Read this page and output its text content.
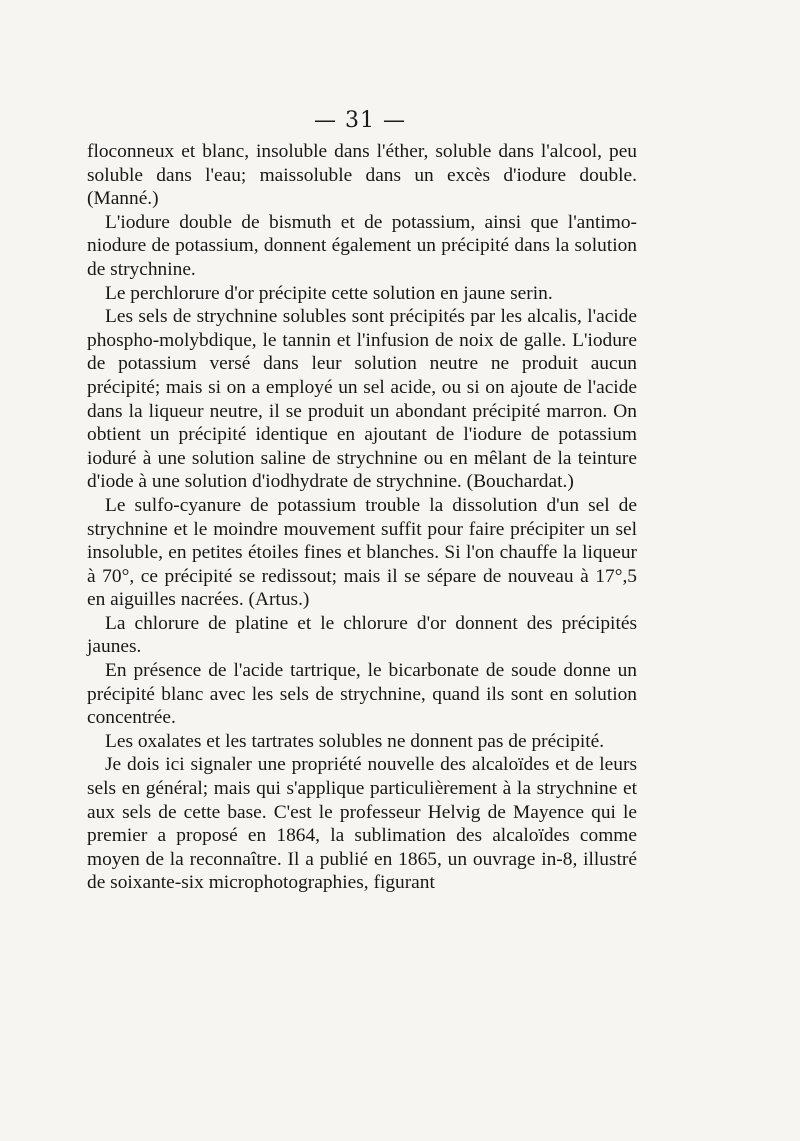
— 31 —

floconneux et blanc, insoluble dans l'éther, soluble dans l'alcool, peu soluble dans l'eau; maissoluble dans un excès d'iodure double. (Manné.)

L'iodure double de bismuth et de potassium, ainsi que l'antimo-niodure de potassium, donnent également un précipité dans la solution de strychnine.

Le perchlorure d'or précipite cette solution en jaune serin.

Les sels de strychnine solubles sont précipités par les alcalis, l'acide phospho-molybdique, le tannin et l'infusion de noix de galle. L'iodure de potassium versé dans leur solution neutre ne produit aucun précipité; mais si on a employé un sel acide, ou si on ajoute de l'acide dans la liqueur neutre, il se produit un abondant précipité marron. On obtient un précipité identique en ajoutant de l'iodure de potassium ioduré à une solution saline de strychnine ou en mêlant de la teinture d'iode à une solution d'iodhydrate de strychnine. (Bouchardat.)

Le sulfo-cyanure de potassium trouble la dissolution d'un sel de strychnine et le moindre mouvement suffit pour faire précipiter un sel insoluble, en petites étoiles fines et blanches. Si l'on chauffe la liqueur à 70°, ce précipité se redissout; mais il se sépare de nouveau à 17°,5 en aiguilles nacrées. (Artus.)

La chlorure de platine et le chlorure d'or donnent des précipités jaunes.

En présence de l'acide tartrique, le bicarbonate de soude donne un précipité blanc avec les sels de strychnine, quand ils sont en solution concentrée.

Les oxalates et les tartrates solubles ne donnent pas de précipité.

Je dois ici signaler une propriété nouvelle des alcaloïdes et de leurs sels en général; mais qui s'applique particulièrement à la strychnine et aux sels de cette base. C'est le professeur Helvig de Mayence qui le premier a proposé en 1864, la sublimation des alcaloïdes comme moyen de la reconnaître. Il a publié en 1865, un ouvrage in-8, illustré de soixante-six microphotographies, figurant
